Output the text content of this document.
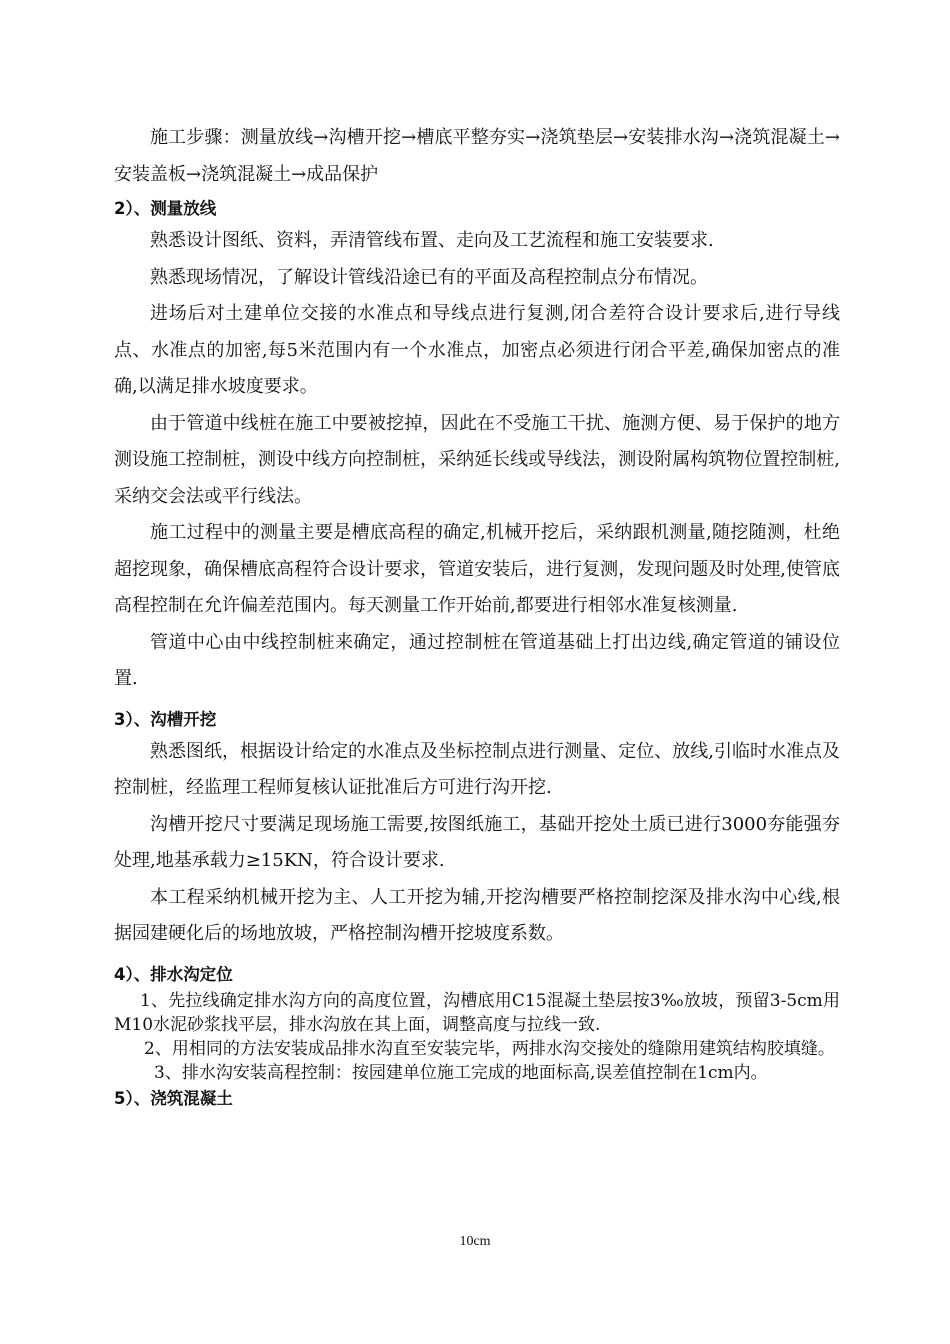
施工步骤：测量放线→沟槽开挖→槽底平整夯实→浇筑垫层→安装排水沟→浇筑混凝土→安装盖板→浇筑混凝土→成品保护

2）、测量放线

熟悉设计图纸、资料，弄清管线布置、走向及工艺流程和施工安装要求.

熟悉现场情况，了解设计管线沿途已有的平面及高程控制点分布情况。

进场后对土建单位交接的水准点和导线点进行复测,闭合差符合设计要求后,进行导线点、水准点的加密,每5米范围内有一个水准点，加密点必须进行闭合平差,确保加密点的准确,以满足排水坡度要求。

由于管道中线桩在施工中要被挖掉，因此在不受施工干扰、施测方便、易于保护的地方测设施工控制桩，测设中线方向控制桩，采纳延长线或导线法，测设附属构筑物位置控制桩,采纳交会法或平行线法。

施工过程中的测量主要是槽底高程的确定,机械开挖后，采纳跟机测量,随挖随测，杜绝超挖现象，确保槽底高程符合设计要求，管道安装后，进行复测，发现问题及时处理,使管底高程控制在允许偏差范围内。每天测量工作开始前,都要进行相邻水准复核测量.

管道中心由中线控制桩来确定，通过控制桩在管道基础上打出边线,确定管道的铺设位置.

3）、沟槽开挖

熟悉图纸，根据设计给定的水准点及坐标控制点进行测量、定位、放线,引临时水准点及控制桩，经监理工程师复核认证批准后方可进行沟开挖.

沟槽开挖尺寸要满足现场施工需要,按图纸施工，基础开挖处土质已进行3000夯能强夯处理,地基承载力≥15KN，符合设计要求.

本工程采纳机械开挖为主、人工开挖为辅,开挖沟槽要严格控制挖深及排水沟中心线,根据园建硬化后的场地放坡，严格控制沟槽开挖坡度系数。

4）、排水沟定位

1、先拉线确定排水沟方向的高度位置，沟槽底用C15混凝土垫层按3‰放坡，预留3-5cm用M10水泥砂浆找平层，排水沟放在其上面，调整高度与拉线一致.

2、用相同的方法安装成品排水沟直至安装完毕，两排水沟交接处的缝隙用建筑结构胶填缝。

3、排水沟安装高程控制：按园建单位施工完成的地面标高,误差值控制在1cm内。

5）、浇筑混凝土

10cm
